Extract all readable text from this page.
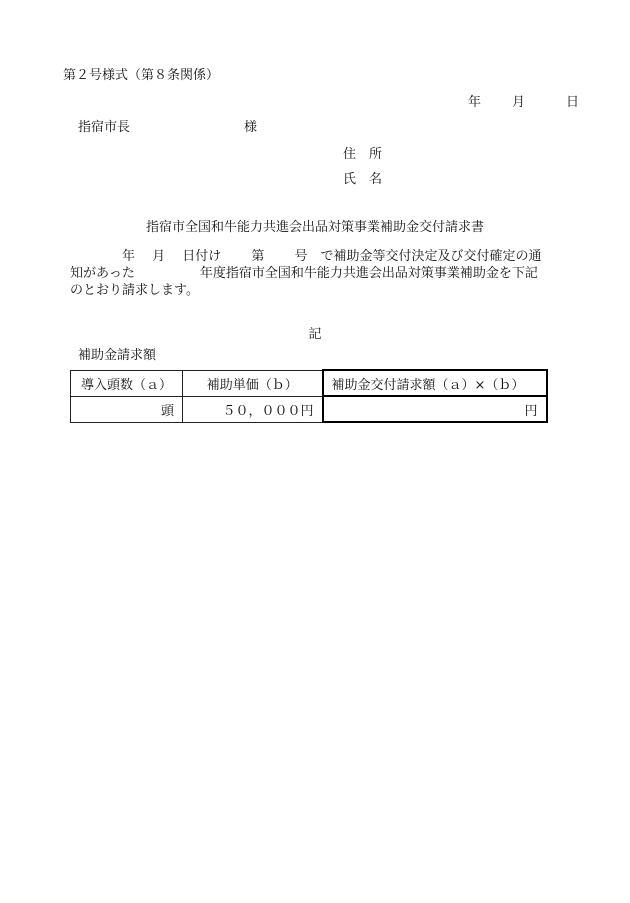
第２号様式（第８条関係）
年 月	日
指宿市長	様
住　所
氏　名
指宿市全国和牛能力共進会出品対策事業補助金交付請求書
　　　　年　 月　 日付け　　 第　　 号　で補助金等交付決定及び交付確定の通
知があった　　　　　年度指宿市全国和牛能力共進会出品対策事業補助金を下記
のとおり請求します。
記
補助金請求額
導入頭数（ａ）	補助単価（ｂ）	補助金交付請求額（ａ）×（ｂ）
頭	５０，０００円	円
